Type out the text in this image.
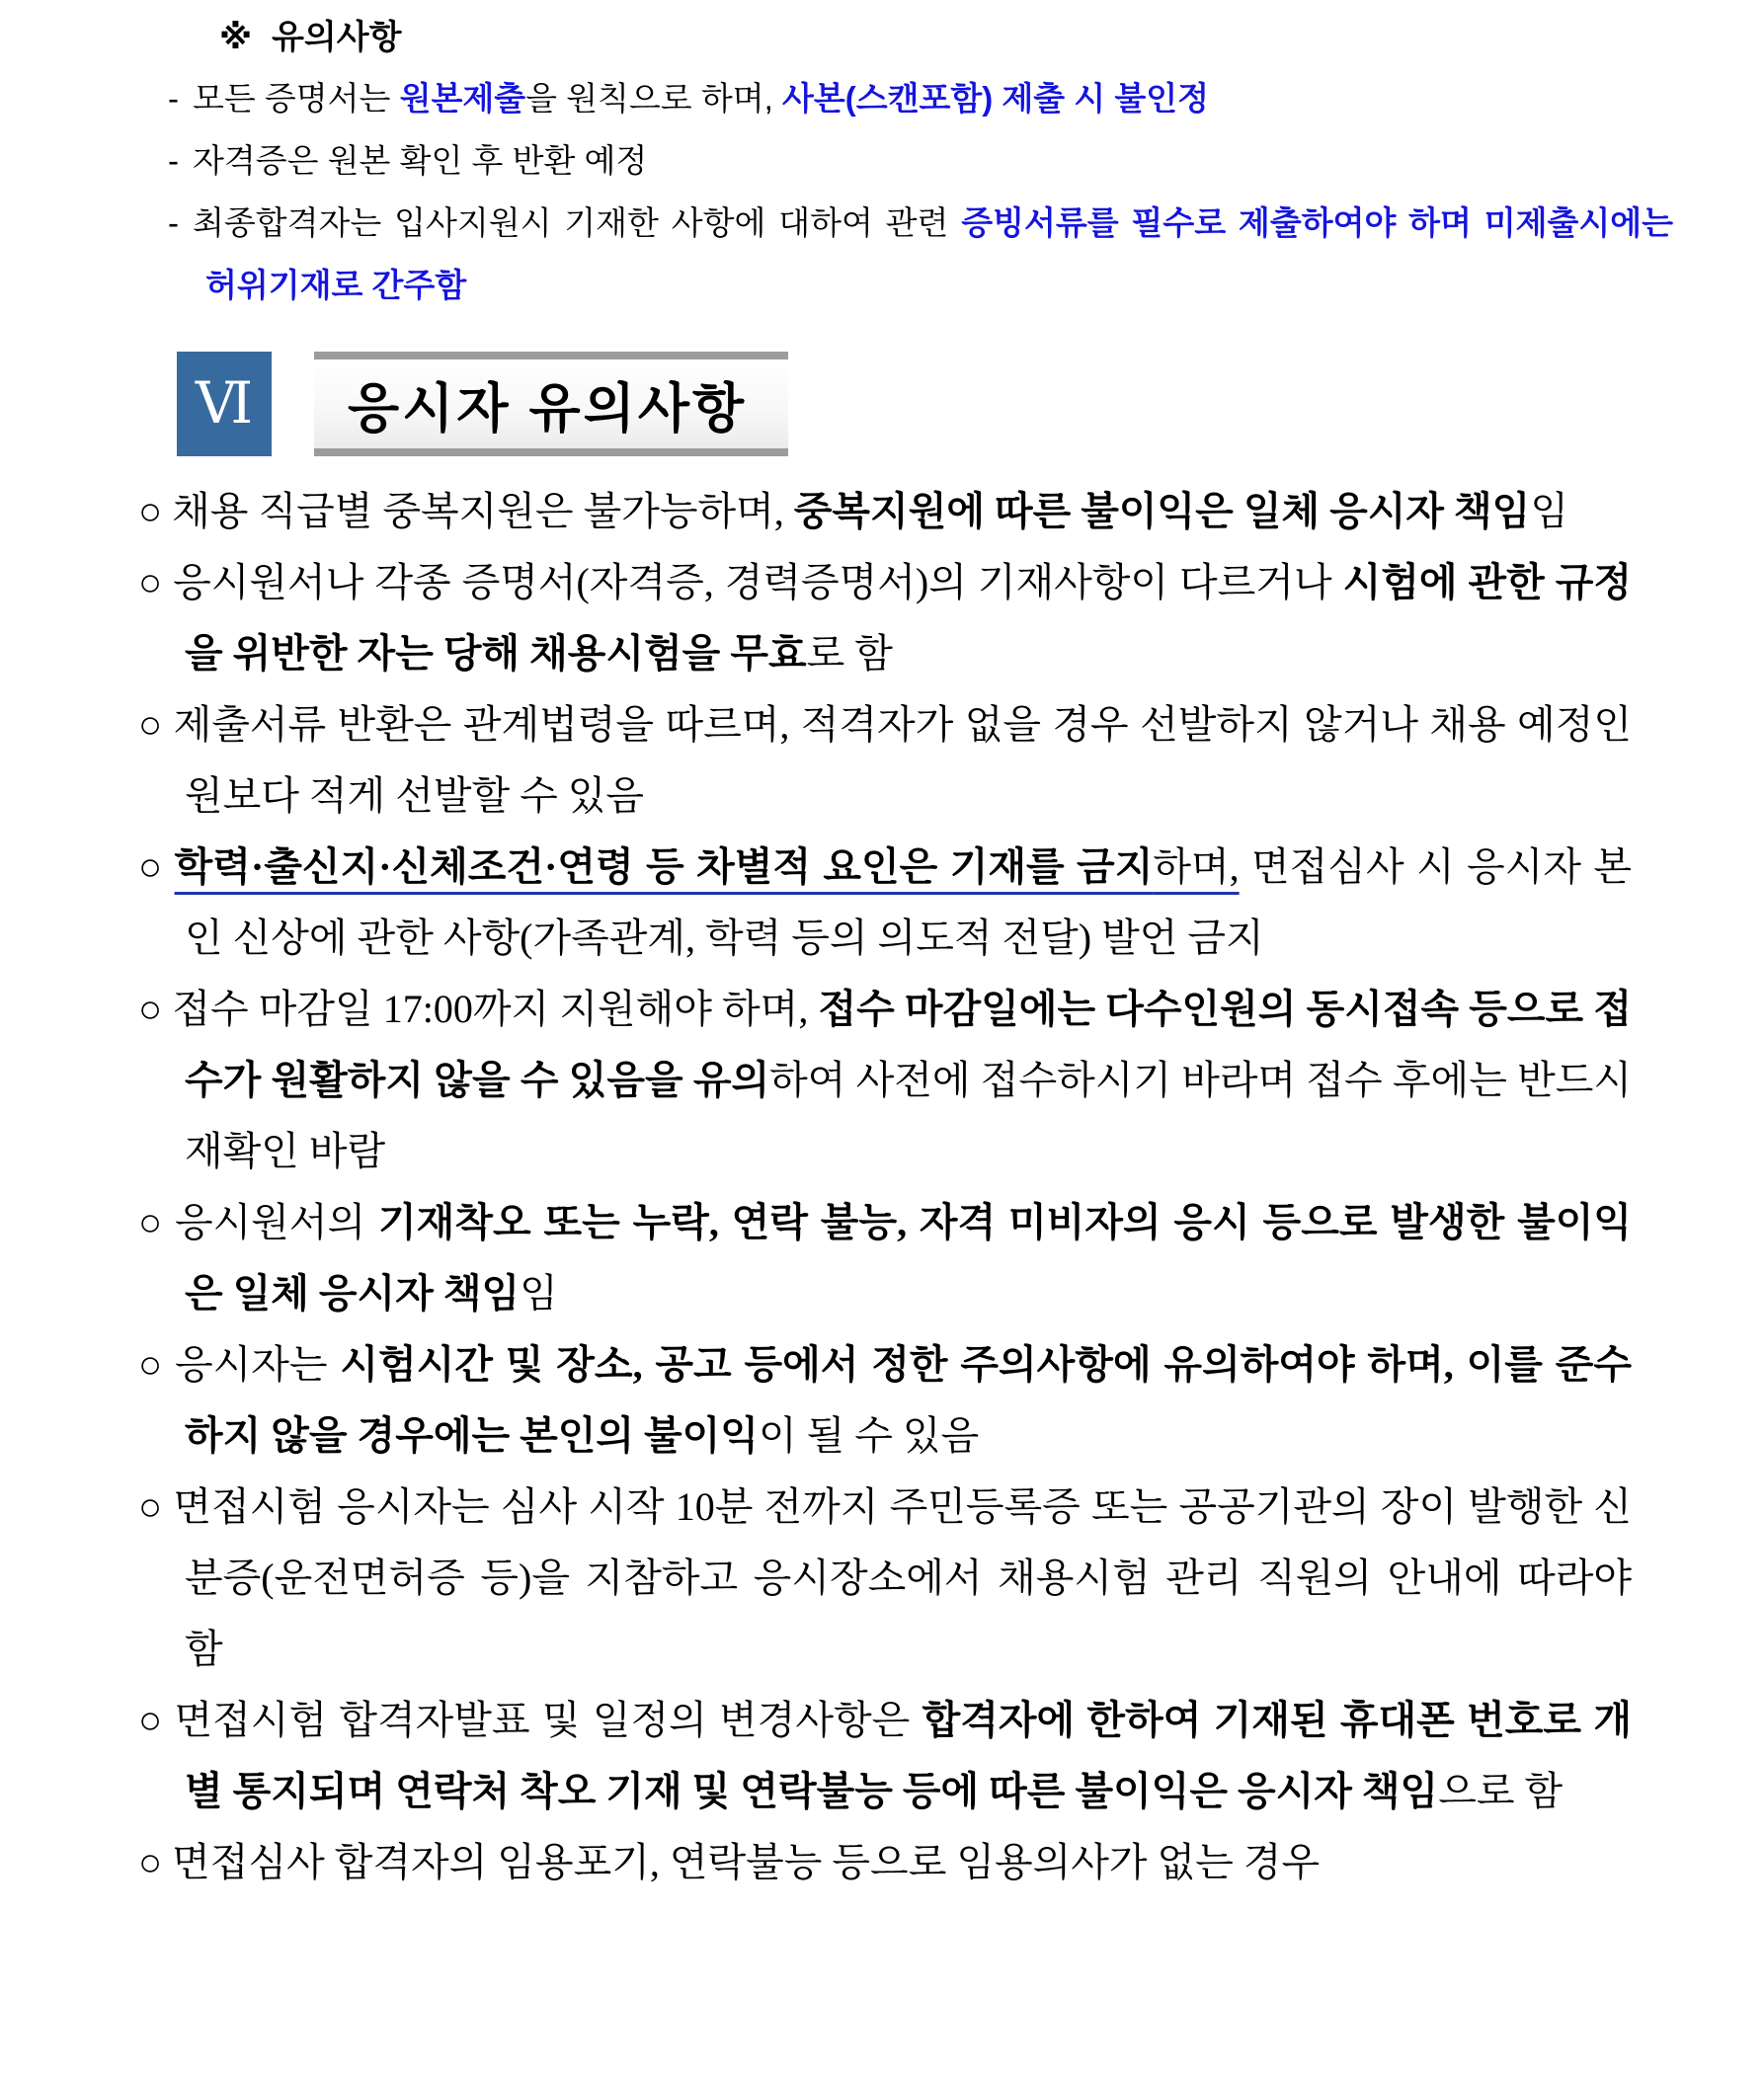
※ 유의사항
- 모든 증명서는 원본제출을 원칙으로 하며, 사본(스캔포함) 제출 시 불인정
- 자격증은 원본 확인 후 반환 예정
- 최종합격자는 입사지원시 기재한 사항에 대하여 관련 증빙서류를 필수로 제출하여야 하며 미제출시에는 허위기재로 간주함
Ⅵ 응시자 유의사항
○ 채용 직급별 중복지원은 불가능하며, 중복지원에 따른 불이익은 일체 응시자 책임임
○ 응시원서나 각종 증명서(자격증, 경력증명서)의 기재사항이 다르거나 시험에 관한 규정을 위반한 자는 당해 채용시험을 무효로 함
○ 제출서류 반환은 관계법령을 따르며, 적격자가 없을 경우 선발하지 않거나 채용 예정인원보다 적게 선발할 수 있음
○ 학력·출신지·신체조건·연령 등 차별적 요인은 기재를 금지하며, 면접심사 시 응시자 본인 신상에 관한 사항(가족관계, 학력 등의 의도적 전달) 발언 금지
○ 접수 마감일 17:00까지 지원해야 하며, 접수 마감일에는 다수인원의 동시접속 등으로 접수가 원활하지 않을 수 있음을 유의하여 사전에 접수하시기 바라며 접수 후에는 반드시 재확인 바람
○ 응시원서의 기재착오 또는 누락, 연락 불능, 자격 미비자의 응시 등으로 발생한 불이익은 일체 응시자 책임임
○ 응시자는 시험시간 및 장소, 공고 등에서 정한 주의사항에 유의하여야 하며, 이를 준수하지 않을 경우에는 본인의 불이익이 될 수 있음
○ 면접시험 응시자는 심사 시작 10분 전까지 주민등록증 또는 공공기관의 장이 발행한 신분증(운전면허증 등)을 지참하고 응시장소에서 채용시험 관리 직원의 안내에 따라야 함
○ 면접시험 합격자발표 및 일정의 변경사항은 합격자에 한하여 기재된 휴대폰 번호로 개별 통지되며 연락처 착오 기재 및 연락불능 등에 따른 불이익은 응시자 책임으로 함
○ 면접심사 합격자의 임용포기, 연락불능 등으로 임용의사가 없는 경우
